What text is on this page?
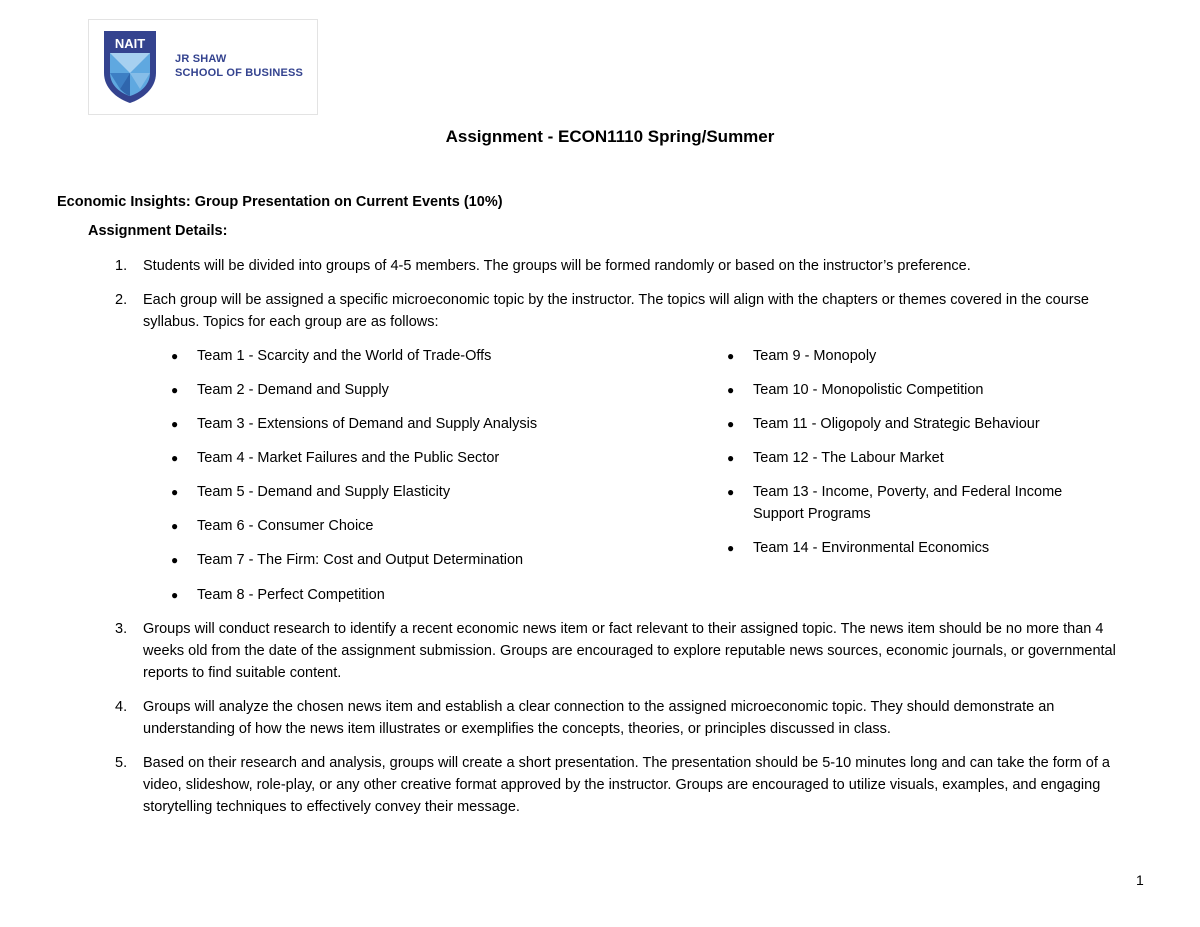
NAIT
JR SHAW
SCHOOL OF BUSINESS
Assignment - ECON1110 Spring/Summer
Economic Insights: Group Presentation on Current Events (10%)
Assignment Details:
1. Students will be divided into groups of 4-5 members. The groups will be formed randomly or based on the instructor’s preference.
2. Each group will be assigned a specific microeconomic topic by the instructor. The topics will align with the chapters or themes covered in the course syllabus. Topics for each group are as follows:
● Team 1 - Scarcity and the World of Trade-Offs
● Team 2 - Demand and Supply
● Team 3 - Extensions of Demand and Supply Analysis
● Team 4 - Market Failures and the Public Sector
● Team 5 - Demand and Supply Elasticity
● Team 6 - Consumer Choice
● Team 7 - The Firm: Cost and Output Determination
● Team 8 - Perfect Competition
● Team 9 - Monopoly
● Team 10 - Monopolistic Competition
● Team 11 - Oligopoly and Strategic Behaviour
● Team 12 - The Labour Market
● Team 13 - Income, Poverty, and Federal Income Support Programs
● Team 14 - Environmental Economics
3. Groups will conduct research to identify a recent economic news item or fact relevant to their assigned topic. The news item should be no more than 4 weeks old from the date of the assignment submission. Groups are encouraged to explore reputable news sources, economic journals, or governmental reports to find suitable content.
4. Groups will analyze the chosen news item and establish a clear connection to the assigned microeconomic topic. They should demonstrate an understanding of how the news item illustrates or exemplifies the concepts, theories, or principles discussed in class.
5. Based on their research and analysis, groups will create a short presentation. The presentation should be 5-10 minutes long and can take the form of a video, slideshow, role-play, or any other creative format approved by the instructor. Groups are encouraged to utilize visuals, examples, and engaging storytelling techniques to effectively convey their message.
1
